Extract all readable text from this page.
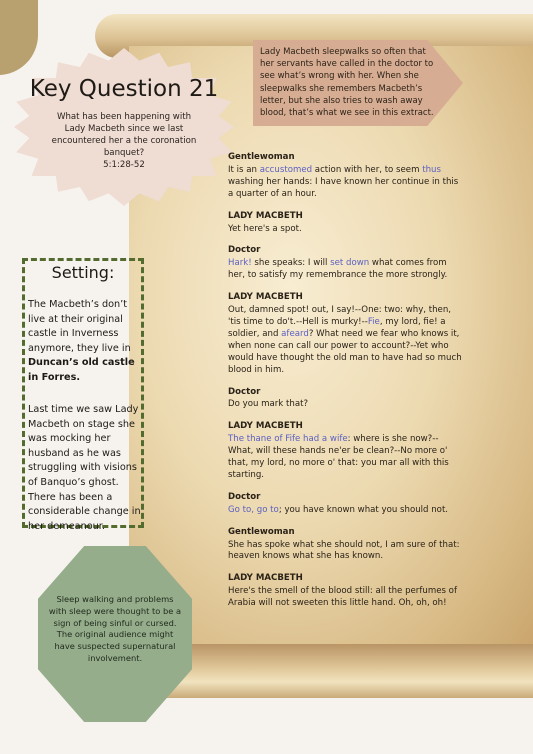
Key Question 21

What has been happening with Lady Macbeth since we last encountered her a the coronation banquet?
5:1:28-52

Lady Macbeth sleepwalks so often that her servants have called in the doctor to see what’s wrong with her. When she sleepwalks she remembers Macbeth’s letter, but she also tries to wash away blood, that’s what we see in this extract.

Setting:

The Macbeth’s don’t live at their original castle in Inverness anymore, they live in Duncan’s old castle in Forres.

Last time we saw Lady Macbeth on stage she was mocking her husband as he was struggling with visions of Banquo’s ghost. There has been a considerable change in her demeanour.

Sleep walking and problems with sleep were thought to be a sign of being sinful or cursed. The original audience might have suspected supernatural involvement.

Gentlewoman
It is an accustomed action with her, to seem thus washing her hands: I have known her continue in this a quarter of an hour.
LADY MACBETH
Yet here's a spot.
Doctor
Hark! she speaks: I will set down what comes from her, to satisfy my remembrance the more strongly.
LADY MACBETH
Out, damned spot! out, I say!--One: two: why, then, 'tis time to do't.--Hell is murky!--Fie, my lord, fie! a soldier, and afeard? What need we fear who knows it, when none can call our power to account?--Yet who would have thought the old man to have had so much blood in him.
Doctor
Do you mark that?
LADY MACBETH
The thane of Fife had a wife: where is she now?--What, will these hands ne'er be clean?--No more o' that, my lord, no more o' that: you mar all with this starting.
Doctor
Go to, go to; you have known what you should not.
Gentlewoman
She has spoke what she should not, I am sure of that: heaven knows what she has known.
LADY MACBETH
Here's the smell of the blood still: all the perfumes of Arabia will not sweeten this little hand. Oh, oh, oh!
